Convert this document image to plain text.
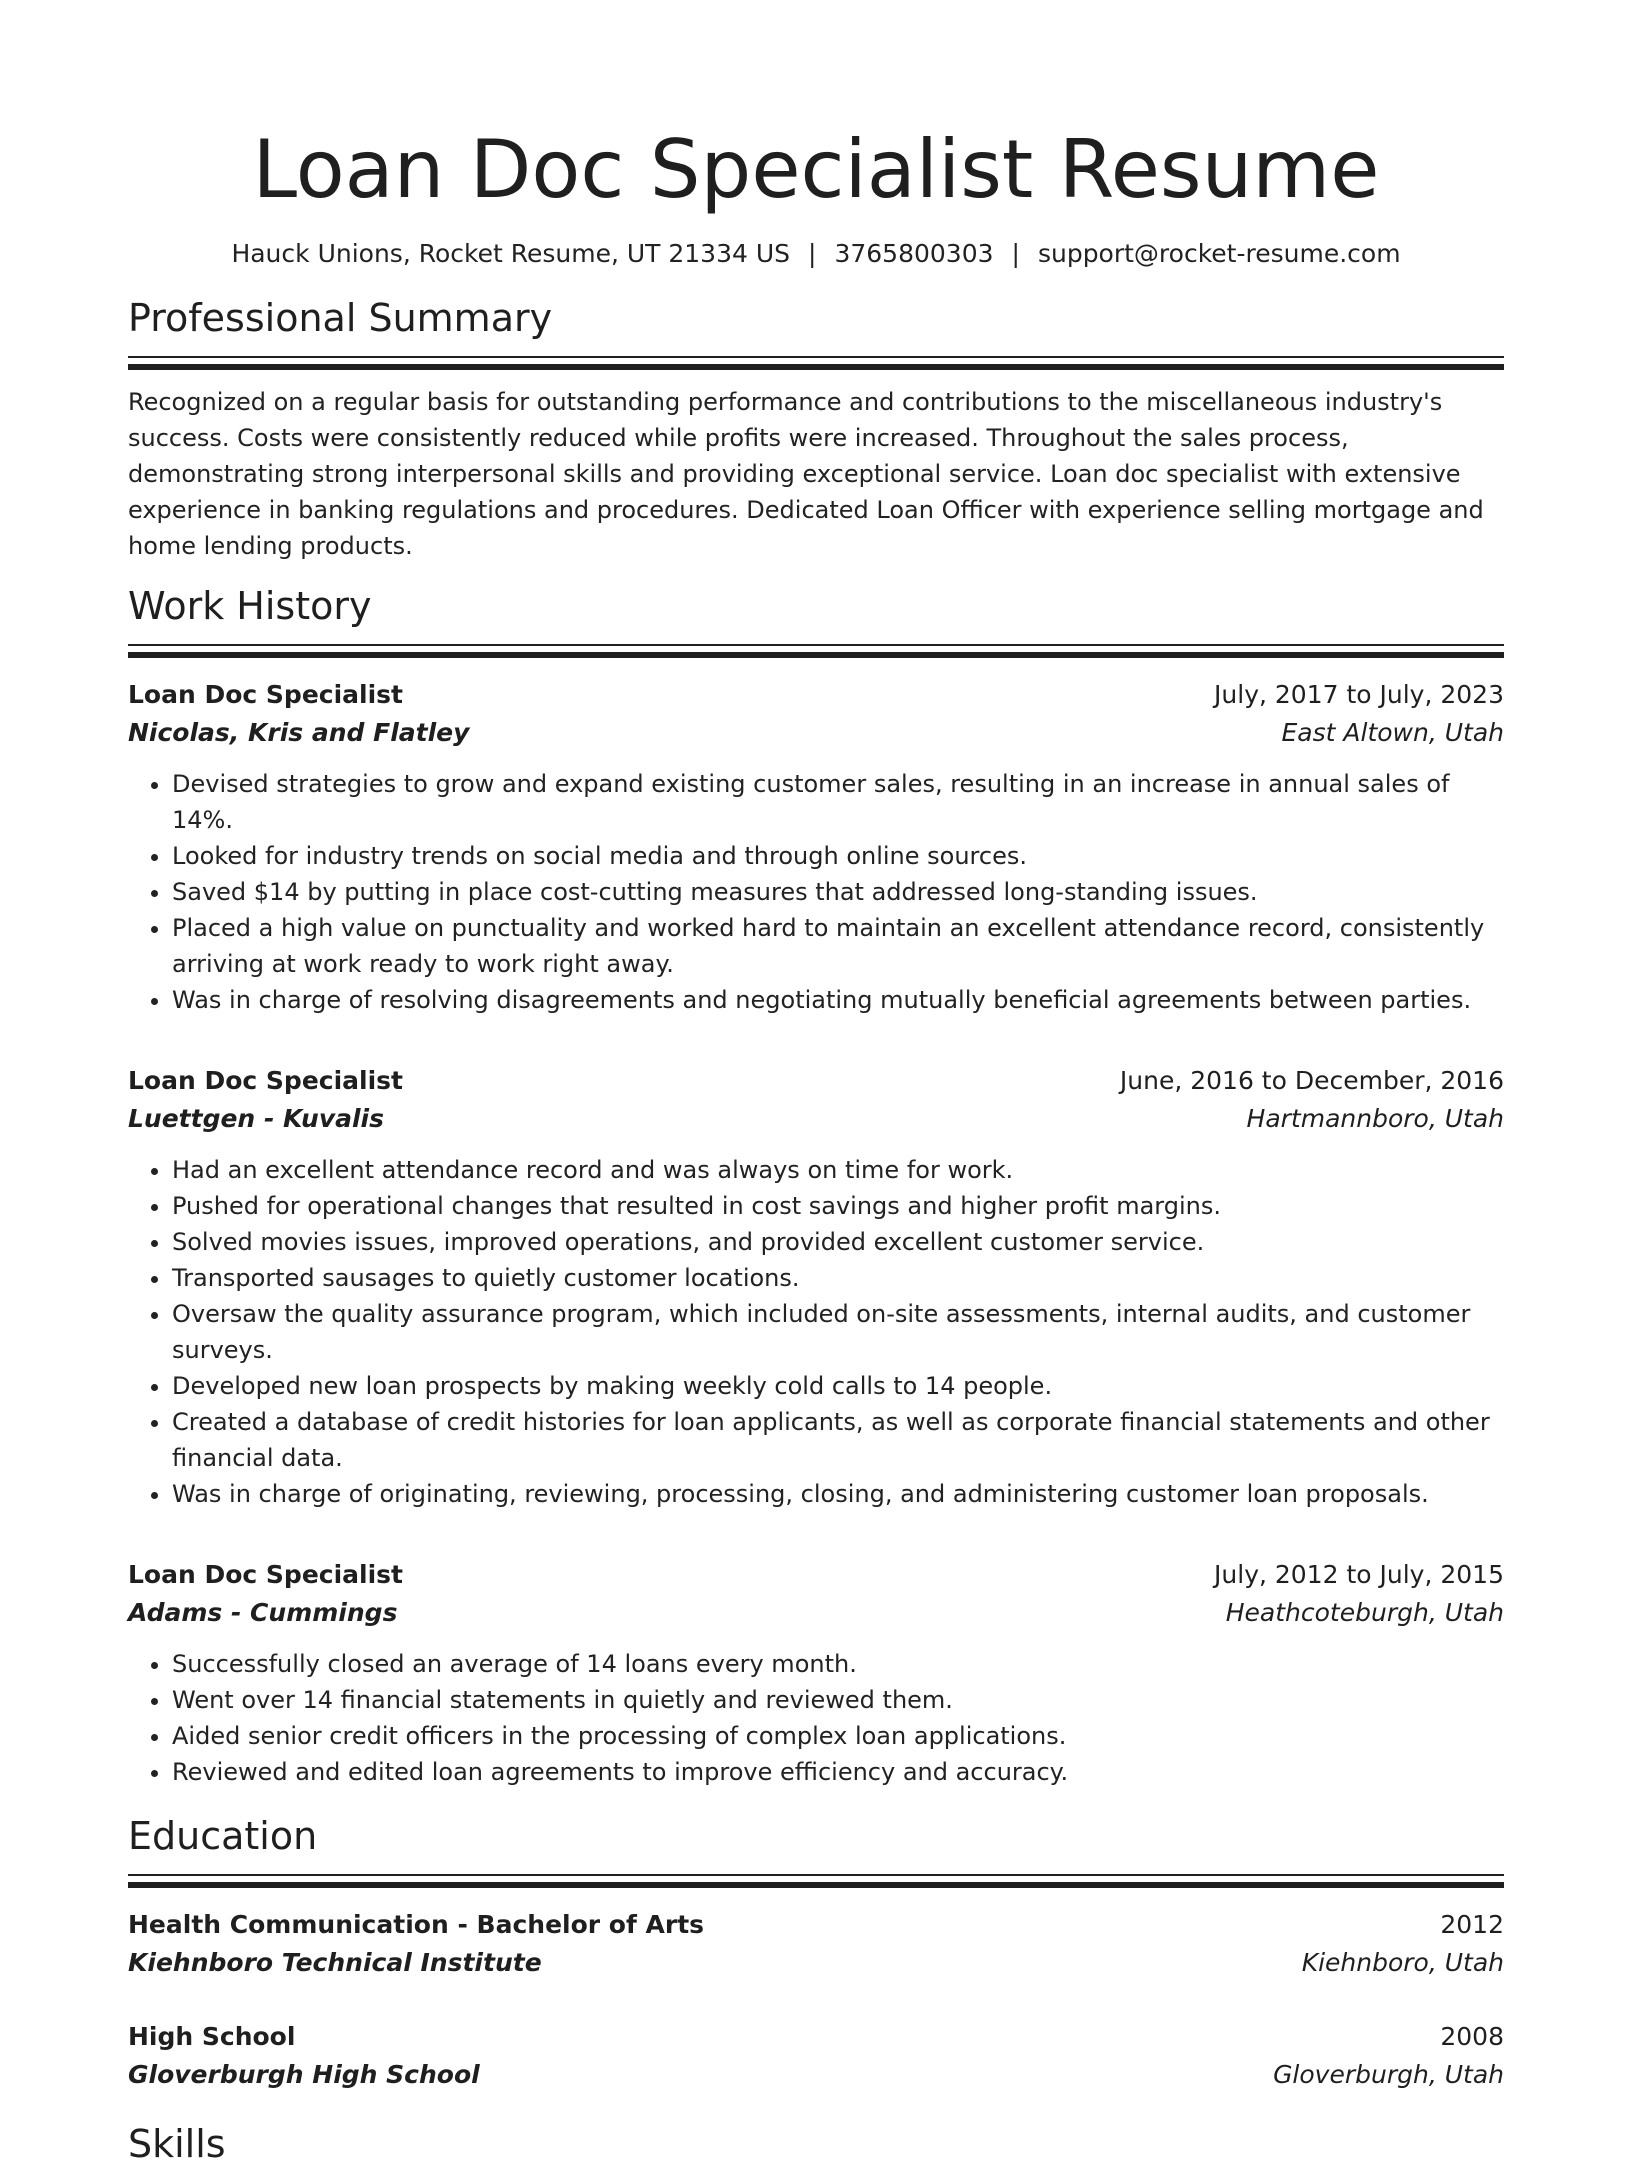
Loan Doc Specialist Resume
Hauck Unions, Rocket Resume, UT 21334 US | 3765800303 | support@rocket-resume.com
Professional Summary
Recognized on a regular basis for outstanding performance and contributions to the miscellaneous industry's success. Costs were consistently reduced while profits were increased. Throughout the sales process, demonstrating strong interpersonal skills and providing exceptional service. Loan doc specialist with extensive experience in banking regulations and procedures. Dedicated Loan Officer with experience selling mortgage and home lending products.
Work History
Loan Doc Specialist	July, 2017 to July, 2023
Nicolas, Kris and Flatley	East Altown, Utah
• Devised strategies to grow and expand existing customer sales, resulting in an increase in annual sales of 14%.
• Looked for industry trends on social media and through online sources.
• Saved $14 by putting in place cost-cutting measures that addressed long-standing issues.
• Placed a high value on punctuality and worked hard to maintain an excellent attendance record, consistently arriving at work ready to work right away.
• Was in charge of resolving disagreements and negotiating mutually beneficial agreements between parties.
Loan Doc Specialist	June, 2016 to December, 2016
Luettgen - Kuvalis	Hartmannboro, Utah
• Had an excellent attendance record and was always on time for work.
• Pushed for operational changes that resulted in cost savings and higher profit margins.
• Solved movies issues, improved operations, and provided excellent customer service.
• Transported sausages to quietly customer locations.
• Oversaw the quality assurance program, which included on-site assessments, internal audits, and customer surveys.
• Developed new loan prospects by making weekly cold calls to 14 people.
• Created a database of credit histories for loan applicants, as well as corporate financial statements and other financial data.
• Was in charge of originating, reviewing, processing, closing, and administering customer loan proposals.
Loan Doc Specialist	July, 2012 to July, 2015
Adams - Cummings	Heathcoteburgh, Utah
• Successfully closed an average of 14 loans every month.
• Went over 14 financial statements in quietly and reviewed them.
• Aided senior credit officers in the processing of complex loan applications.
• Reviewed and edited loan agreements to improve efficiency and accuracy.
Education
Health Communication - Bachelor of Arts	2012
Kiehnboro Technical Institute	Kiehnboro, Utah
High School	2008
Gloverburgh High School	Gloverburgh, Utah
Skills
